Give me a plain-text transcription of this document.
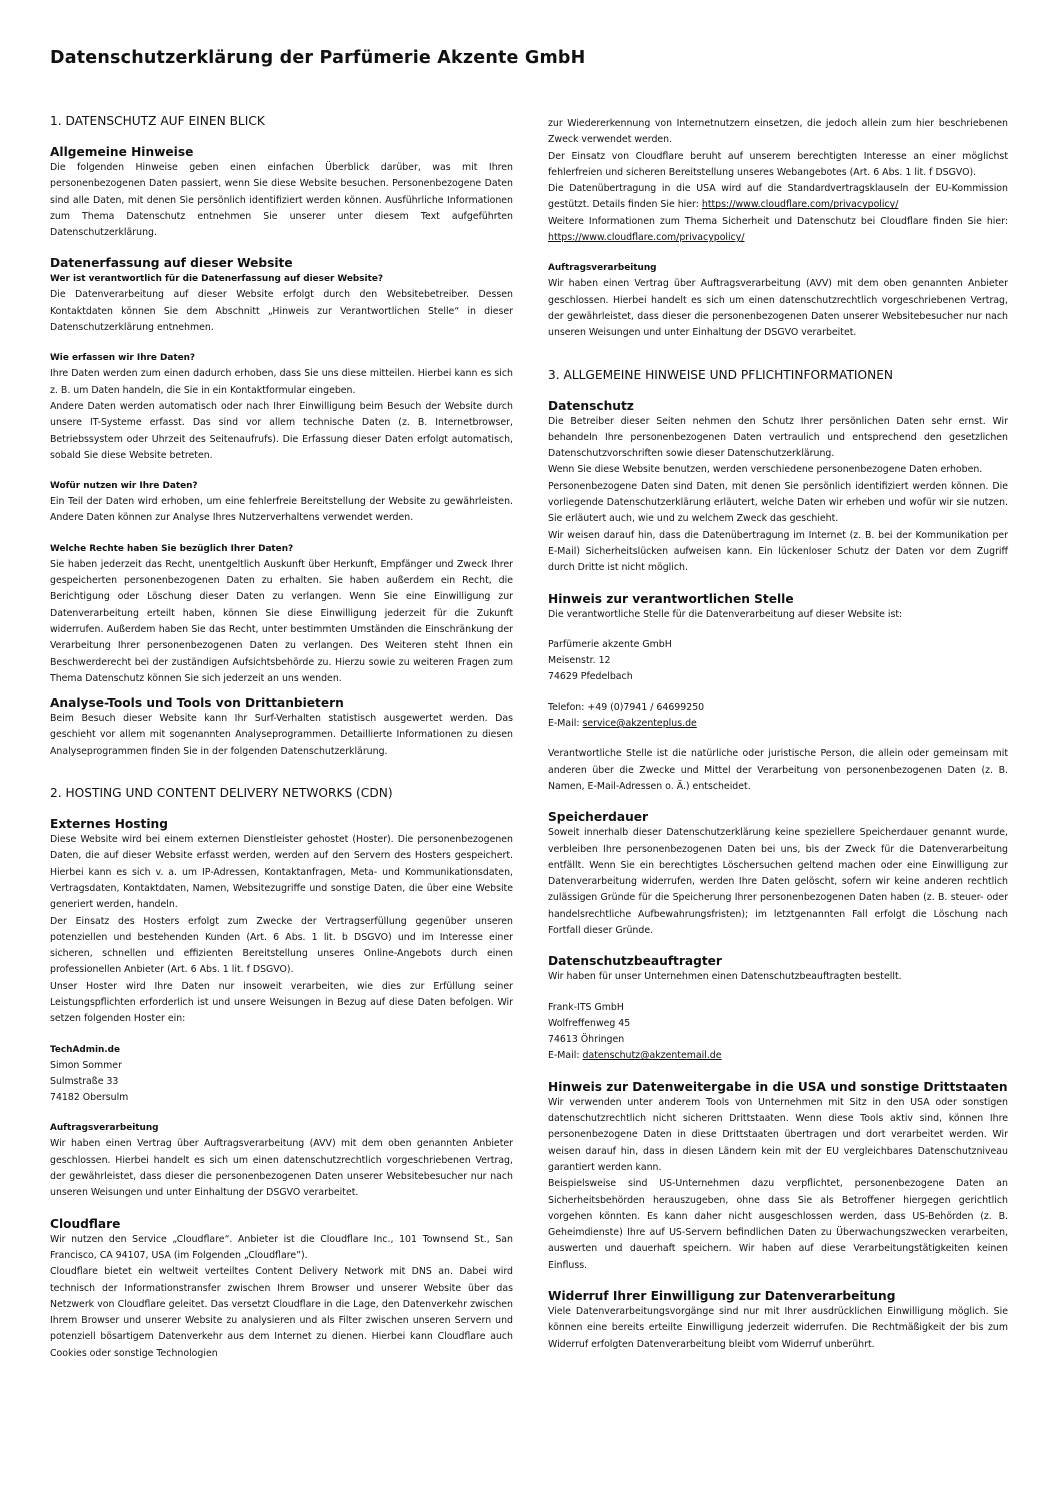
Datenschutzerklärung der Parfümerie Akzente GmbH
1. DATENSCHUTZ AUF EINEN BLICK
Allgemeine Hinweise

Die folgenden Hinweise geben einen einfachen Überblick darüber, was mit Ihren personenbezogenen Daten passiert, wenn Sie diese Website besuchen. Personenbezogene Daten sind alle Daten, mit denen Sie persönlich identifiziert werden können. Ausführliche Informationen zum Thema Datenschutz entnehmen Sie unserer unter diesem Text aufgeführten Datenschutzerklärung.

Datenerfassung auf dieser Website
Wer ist verantwortlich für die Datenerfassung auf dieser Website?

Die Datenverarbeitung auf dieser Website erfolgt durch den Websitebetreiber. Dessen Kontaktdaten können Sie dem Abschnitt „Hinweis zur Verantwortlichen Stelle“ in dieser Datenschutzerklärung entnehmen.

Wie erfassen wir Ihre Daten?

Ihre Daten werden zum einen dadurch erhoben, dass Sie uns diese mitteilen. Hierbei kann es sich z. B. um Daten handeln, die Sie in ein Kontaktformular eingeben.

Andere Daten werden automatisch oder nach Ihrer Einwilligung beim Besuch der Website durch unsere IT-Systeme erfasst. Das sind vor allem technische Daten (z. B. Internetbrowser, Betriebssystem oder Uhrzeit des Seitenaufrufs). Die Erfassung dieser Daten erfolgt automatisch, sobald Sie diese Website betreten.

Wofür nutzen wir Ihre Daten?

Ein Teil der Daten wird erhoben, um eine fehlerfreie Bereitstellung der Website zu gewährleisten. Andere Daten können zur Analyse Ihres Nutzerverhaltens verwendet werden.

Welche Rechte haben Sie bezüglich Ihrer Daten?

Sie haben jederzeit das Recht, unentgeltlich Auskunft über Herkunft, Empfänger und Zweck Ihrer gespeicherten personenbezogenen Daten zu erhalten. Sie haben außerdem ein Recht, die Berichtigung oder Löschung dieser Daten zu verlangen. Wenn Sie eine Einwilligung zur Datenverarbeitung erteilt haben, können Sie diese Einwilligung jederzeit für die Zukunft widerrufen. Außerdem haben Sie das Recht, unter bestimmten Umständen die Einschränkung der Verarbeitung Ihrer personenbezogenen Daten zu verlangen. Des Weiteren steht Ihnen ein Beschwerderecht bei der zuständigen Aufsichtsbehörde zu. Hierzu sowie zu weiteren Fragen zum Thema Datenschutz können Sie sich jederzeit an uns wenden.

Analyse-Tools und Tools von Drittanbietern

Beim Besuch dieser Website kann Ihr Surf-Verhalten statistisch ausgewertet werden. Das geschieht vor allem mit sogenannten Analyseprogrammen. Detaillierte Informationen zu diesen Analyseprogrammen finden Sie in der folgenden Datenschutzerklärung.

2. HOSTING UND CONTENT DELIVERY NETWORKS (CDN)
Externes Hosting

Diese Website wird bei einem externen Dienstleister gehostet (Hoster). Die personenbezogenen Daten, die auf dieser Website erfasst werden, werden auf den Servern des Hosters gespeichert. Hierbei kann es sich v. a. um IP-Adressen, Kontaktanfragen, Meta- und Kommunikationsdaten, Vertragsdaten, Kontaktdaten, Namen, Websitezugriffe und sonstige Daten, die über eine Website generiert werden, handeln.

Der Einsatz des Hosters erfolgt zum Zwecke der Vertragserfüllung gegenüber unseren potenziellen und bestehenden Kunden (Art. 6 Abs. 1 lit. b DSGVO) und im Interesse einer sicheren, schnellen und effizienten Bereitstellung unseres Online-Angebots durch einen professionellen Anbieter (Art. 6 Abs. 1 lit. f DSGVO).

Unser Hoster wird Ihre Daten nur insoweit verarbeiten, wie dies zur Erfüllung seiner Leistungspflichten erforderlich ist und unsere Weisungen in Bezug auf diese Daten befolgen. Wir setzen folgenden Hoster ein:

TechAdmin.de

Simon Sommer

Sulmstraße 33

74182 Obersulm

Auftragsverarbeitung

Wir haben einen Vertrag über Auftragsverarbeitung (AVV) mit dem oben genannten Anbieter geschlossen. Hierbei handelt es sich um einen datenschutzrechtlich vorgeschriebenen Vertrag, der gewährleistet, dass dieser die personenbezogenen Daten unserer Websitebesucher nur nach unseren Weisungen und unter Einhaltung der DSGVO verarbeitet.

Cloudflare

Wir nutzen den Service „Cloudflare“. Anbieter ist die Cloudflare Inc., 101 Townsend St., San Francisco, CA 94107, USA (im Folgenden „Cloudflare”).

Cloudflare bietet ein weltweit verteiltes Content Delivery Network mit DNS an. Dabei wird technisch der Informationstransfer zwischen Ihrem Browser und unserer Website über das Netzwerk von Cloudflare geleitet. Das versetzt Cloudflare in die Lage, den Datenverkehr zwischen Ihrem Browser und unserer Website zu analysieren und als Filter zwischen unseren Servern und potenziell bösartigem Datenverkehr aus dem Internet zu dienen. Hierbei kann Cloudflare auch Cookies oder sonstige Technologien

zur Wiedererkennung von Internetnutzern einsetzen, die jedoch allein zum hier beschriebenen Zweck verwendet werden.

Der Einsatz von Cloudflare beruht auf unserem berechtigten Interesse an einer möglichst fehlerfreien und sicheren Bereitstellung unseres Webangebotes (Art. 6 Abs. 1 lit. f DSGVO).

Die Datenübertragung in die USA wird auf die Standardvertragsklauseln der EU-Kommission gestützt. Details finden Sie hier: https://www.cloudflare.com/privacypolicy/

Weitere Informationen zum Thema Sicherheit und Datenschutz bei Cloudflare finden Sie hier: https://www.cloudflare.com/privacypolicy/

Auftragsverarbeitung

Wir haben einen Vertrag über Auftragsverarbeitung (AVV) mit dem oben genannten Anbieter geschlossen. Hierbei handelt es sich um einen datenschutzrechtlich vorgeschriebenen Vertrag, der gewährleistet, dass dieser die personenbezogenen Daten unserer Websitebesucher nur nach unseren Weisungen und unter Einhaltung der DSGVO verarbeitet.

3. ALLGEMEINE HINWEISE UND PFLICHTINFORMATIONEN
Datenschutz

Die Betreiber dieser Seiten nehmen den Schutz Ihrer persönlichen Daten sehr ernst. Wir behandeln Ihre personenbezogenen Daten vertraulich und entsprechend den gesetzlichen Datenschutzvorschriften sowie dieser Datenschutzerklärung.

Wenn Sie diese Website benutzen, werden verschiedene personenbezogene Daten erhoben.

Personenbezogene Daten sind Daten, mit denen Sie persönlich identifiziert werden können. Die vorliegende Datenschutzerklärung erläutert, welche Daten wir erheben und wofür wir sie nutzen. Sie erläutert auch, wie und zu welchem Zweck das geschieht.

Wir weisen darauf hin, dass die Datenübertragung im Internet (z. B. bei der Kommunikation per E-Mail) Sicherheitslücken aufweisen kann. Ein lückenloser Schutz der Daten vor dem Zugriff durch Dritte ist nicht möglich.

Hinweis zur verantwortlichen Stelle

Die verantwortliche Stelle für die Datenverarbeitung auf dieser Website ist:

Parfümerie akzente GmbH

Meisenstr. 12

74629 Pfedelbach

Telefon: +49 (0)7941 / 64699250

E-Mail: service@akzenteplus.de

Verantwortliche Stelle ist die natürliche oder juristische Person, die allein oder gemeinsam mit anderen über die Zwecke und Mittel der Verarbeitung von personenbezogenen Daten (z. B. Namen, E-Mail-Adressen o. Ä.) entscheidet.

Speicherdauer

Soweit innerhalb dieser Datenschutzerklärung keine speziellere Speicherdauer genannt wurde, verbleiben Ihre personenbezogenen Daten bei uns, bis der Zweck für die Datenverarbeitung entfällt. Wenn Sie ein berechtigtes Löschersuchen geltend machen oder eine Einwilligung zur Datenverarbeitung widerrufen, werden Ihre Daten gelöscht, sofern wir keine anderen rechtlich zulässigen Gründe für die Speicherung Ihrer personenbezogenen Daten haben (z. B. steuer- oder handelsrechtliche Aufbewahrungsfristen); im letztgenannten Fall erfolgt die Löschung nach Fortfall dieser Gründe.

Datenschutzbeauftragter

Wir haben für unser Unternehmen einen Datenschutzbeauftragten bestellt.

Frank-ITS GmbH

Wolfreffenweg 45

74613 Öhringen

E-Mail: datenschutz@akzentemail.de

Hinweis zur Datenweitergabe in die USA und sonstige Drittstaaten

Wir verwenden unter anderem Tools von Unternehmen mit Sitz in den USA oder sonstigen datenschutzrechtlich nicht sicheren Drittstaaten. Wenn diese Tools aktiv sind, können Ihre personenbezogene Daten in diese Drittstaaten übertragen und dort verarbeitet werden. Wir weisen darauf hin, dass in diesen Ländern kein mit der EU vergleichbares Datenschutzniveau garantiert werden kann.

Beispielsweise sind US-Unternehmen dazu verpflichtet, personenbezogene Daten an Sicherheitsbehörden herauszugeben, ohne dass Sie als Betroffener hiergegen gerichtlich vorgehen könnten. Es kann daher nicht ausgeschlossen werden, dass US-Behörden (z. B. Geheimdienste) Ihre auf US-Servern befindlichen Daten zu Überwachungszwecken verarbeiten, auswerten und dauerhaft speichern. Wir haben auf diese Verarbeitungstätigkeiten keinen Einfluss.

Widerruf Ihrer Einwilligung zur Datenverarbeitung

Viele Datenverarbeitungsvorgänge sind nur mit Ihrer ausdrücklichen Einwilligung möglich. Sie können eine bereits erteilte Einwilligung jederzeit widerrufen. Die Rechtmäßigkeit der bis zum Widerruf erfolgten Datenverarbeitung bleibt vom Widerruf unberührt.
